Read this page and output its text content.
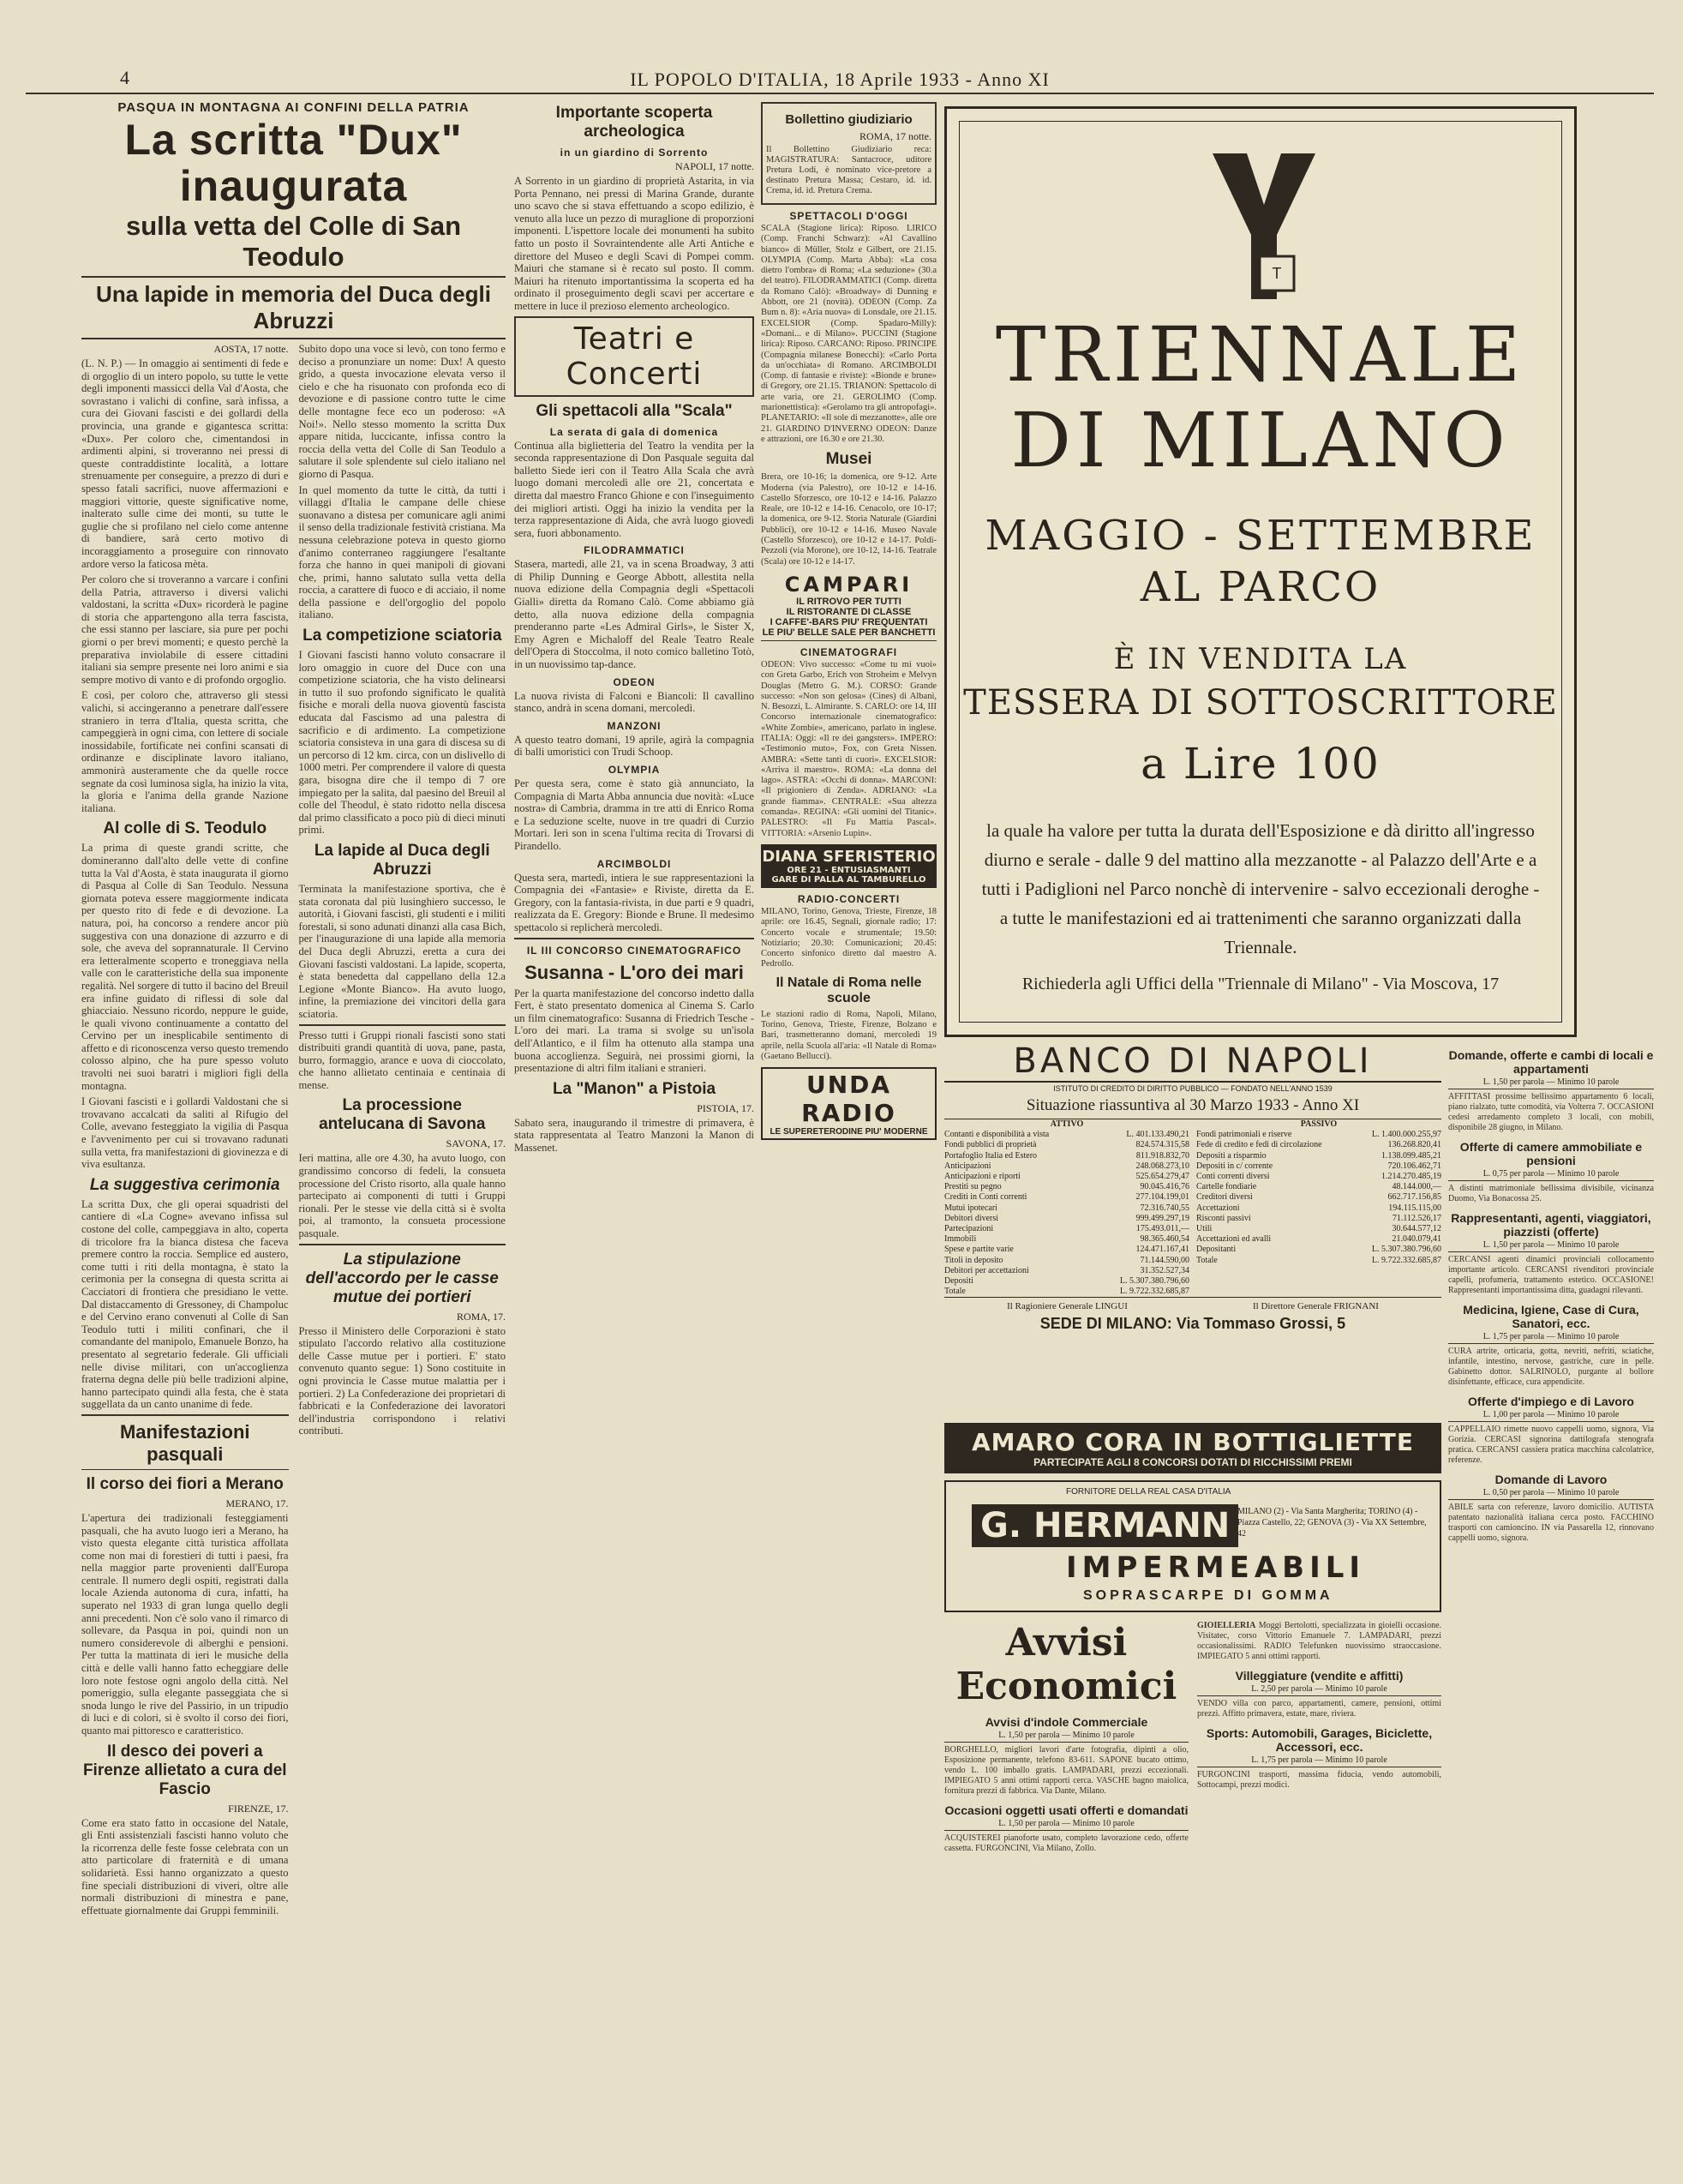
4	IL POPOLO D'ITALIA, 18 Aprile 1933 - Anno XI
PASQUA IN MONTAGNA AI CONFINI DELLA PATRIA
La scritta "Dux" inaugurata
sulla vetta del Colle di San Teodulo
Una lapide in memoria del Duca degli Abruzzi
AOSTA, 17 notte.

(L. N. P.) — In omaggio ai sentimenti di fede e di orgoglio di un intero popolo, su tutte le vette degli imponenti massicci della Val d'Aosta, che sovrastano i valichi di confine, sarà infissa, a cura dei Giovani fascisti e dei gollardi della provincia, una grande e gigantesca scritta: «Dux». Per coloro che, cimentandosi in ardimenti alpini, si troveranno nei pressi di queste contraddistinte località, a lottare strenuamente per conseguire, a prezzo di duri e spesso fatali sacrifici, nuove affermazioni e maggiori vittorie, queste significative nome, inalterato sulle cime dei monti, su tutte le guglie che si profilano nel cielo come antenne di bandiere, sarà certo motivo di incoraggiamento a proseguire con rinnovato ardore verso la faticosa mèta.

Per coloro che si troveranno a varcare i confini della Patria, attraverso i diversi valichi valdostani, la scritta «Dux» ricorderà le pagine di storia che appartengono alla terra fascista, che essi stanno per lasciare, sia pure per pochi giorni o per brevi momenti; e questo perchè la preparativa inviolabile di essere cittadini italiani sia sempre presente nei loro animi e sia sempre motivo di vanto e di profondo orgoglio.

E così, per coloro che, attraverso gli stessi valichi, si accingeranno a penetrare dall'essere straniero in terra d'Italia, questa scritta, che campeggierà in ogni cima, con lettere di sociale inossidabile, fortificate nei confini scansati di ordinanze e disciplinate lavoro italiano, ammonirà austeramente che da quelle rocce segnate da così luminosa sigla, ha inizio la vita, la gloria e l'anima della grande Nazione italiana.

Al colle di S. Teodulo

La prima di queste grandi scritte, che domineranno dall'alto delle vette di confine tutta la Val d'Aosta, è stata inaugurata il giorno di Pasqua al Colle di San Teodulo. Nessuna giornata poteva essere maggiormente indicata per questo rito di fede e di devozione. La natura, poi, ha concorso a rendere ancor più suggestiva con una donazione di azzurro e di sole, che aveva del soprannaturale. Il Cervino era letteralmente scoperto e troneggiava nella valle con le caratteristiche della sua imponente regalità. Nel sorgere di tutto il bacino del Breuil era infine guidato di riflessi di sole dal ghiacciaio. Nessuno ricordo, neppure le guide, le quali vivono continuamente a contatto del Cervino per un inesplicabile sentimento di affetto e di riconoscenza verso questo tremendo colosso alpino, che ha pure spesso voluto travolti nei suoi baratri i migliori figli della montagna.

I Giovani fascisti e i gollardi Valdostani che si trovavano accalcati da saliti al Rifugio del Colle, avevano festeggiato la vigilia di Pasqua e l'avvenimento per cui si trovavano radunati sulla vetta, fra manifestazioni di giovinezza e di viva esultanza.

La suggestiva cerimonia

La scritta Dux, che gli operai squadristi del cantiere di «La Cogne» avevano infissa sul costone del colle, campeggiava in alto, coperta di tricolore fra la bianca distesa che faceva premere contro la roccia. Semplice ed austero, come tutti i riti della montagna, è stato la cerimonia per la consegna di questa scritta ai Cacciatori di frontiera che presidiano le vette. Dal distaccamento di Gressoney, di Champoluc e del Cervino erano convenuti al Colle di San Teodulo tutti i militi confinari, che il comandante del manipolo, Emanuele Bonzo, ha presentato al segretario federale. Gli ufficiali nelle divise militari, con un'accoglienza fraterna degna delle più belle tradizioni alpine, hanno partecipato quindi alla festa, che è stata suggellata da un canto unanime di fede.

Manifestazioni pasquali
Il corso dei fiori a Merano
MERANO, 17.

L'apertura dei tradizionali festeggiamenti pasquali, che ha avuto luogo ieri a Merano, ha visto questa elegante città turistica affollata come non mai di forestieri di tutti i paesi, fra nella maggior parte provenienti dall'Europa centrale. Il numero degli ospiti, registrati dalla locale Azienda autonoma di cura, infatti, ha superato nel 1933 di gran lunga quello degli anni precedenti. Non c'è solo vano il rimarco di sollevare, da Pasqua in poi, quindi non un numero considerevole di alberghi e pensioni. Per tutta la mattinata di ieri le musiche della città e delle valli hanno fatto echeggiare delle loro note festose ogni angolo della città. Nel pomeriggio, sulla elegante passeggiata che si snoda lungo le rive del Passirio, in un tripudio di luci e di colori, si è svolto il corso dei fiori, quanto mai pittoresco e caratteristico.

Il desco dei poveri a Firenze allietato a cura del Fascio
FIRENZE, 17.

Come era stato fatto in occasione del Natale, gli Enti assistenziali fascisti hanno voluto che la ricorrenza delle feste fosse celebrata con un atto particolare di fraternità e di umana solidarietà. Essi hanno organizzato a questo fine speciali distribuzioni di viveri, oltre alle normali distribuzioni di minestra e pane, effettuate giornalmente dai Gruppi femminili.

Subito dopo una voce si levò, con tono fermo e deciso a pronunziare un nome: Dux! A questo grido, a questa invocazione elevata verso il cielo e che ha risuonato con profonda eco di devozione e di passione contro tutte le cime delle montagne fece eco un poderoso: «A Noi!». Nello stesso momento la scritta Dux appare nitida, luccicante, infissa contro la roccia della vetta del Colle di San Teodulo a salutare il sole splendente sul cielo italiano nel giorno di Pasqua.

In quel momento da tutte le città, da tutti i villaggi d'Italia le campane delle chiese suonavano a distesa per comunicare agli animi il senso della tradizionale festività cristiana. Ma nessuna celebrazione poteva in questo giorno d'animo conterraneo raggiungere l'esaltante forza che hanno in quei manipoli di giovani che, primi, hanno salutato sulla vetta della roccia, a carattere di fuoco e di acciaio, il nome della passione e dell'orgoglio del popolo italiano.

La competizione sciatoria

I Giovani fascisti hanno voluto consacrare il loro omaggio in cuore del Duce con una competizione sciatoria, che ha visto delinearsi in tutto il suo profondo significato le qualità fisiche e morali della nuova gioventù fascista educata dal Fascismo ad una palestra di sacrificio e di ardimento. La competizione sciatoria consisteva in una gara di discesa su di un percorso di 12 km. circa, con un dislivello di 1000 metri. Per comprendere il valore di questa gara, bisogna dire che il tempo di 7 ore impiegato per la salita, dal paesino del Breuil al colle del Theodul, è stato ridotto nella discesa dal primo classificato a poco più di dieci minuti primi.

La lapide al Duca degli Abruzzi

Terminata la manifestazione sportiva, che è stata coronata dal più lusinghiero successo, le autorità, i Giovani fascisti, gli studenti e i militi forestali, si sono adunati dinanzi alla casa Bich, per l'inaugurazione di una lapide alla memoria del Duca degli Abruzzi, eretta a cura dei Giovani fascisti valdostani. La lapide, scoperta, è stata benedetta dal cappellano della 12.a Legione «Monte Bianco». Ha avuto luogo, infine, la premiazione dei vincitori della gara sciatoria.

Presso tutti i Gruppi rionali fascisti sono stati distribuiti grandi quantità di uova, pane, pasta, burro, formaggio, arance e uova di cioccolato, che hanno allietato centinaia e centinaia di mense.

La processione antelucana di Savona
SAVONA, 17.

Ieri mattina, alle ore 4.30, ha avuto luogo, con grandissimo concorso di fedeli, la consueta processione del Cristo risorto, alla quale hanno partecipato ai componenti di tutti i Gruppi rionali. Per le stesse vie della città si è svolta poi, al tramonto, la consueta processione pasquale.

La stipulazione dell'accordo per le casse mutue dei portieri
ROMA, 17.

Presso il Ministero delle Corporazioni è stato stipulato l'accordo relativo alla costituzione delle Casse mutue per i portieri. E' stato convenuto quanto segue: 1) Sono costituite in ogni provincia le Casse mutue malattia per i portieri. 2) La Confederazione dei proprietari di fabbricati e la Confederazione dei lavoratori dell'industria corrispondono i relativi contributi.

Importante scoperta archeologica
in un giardino di Sorrento
NAPOLI, 17 notte.

A Sorrento in un giardino di proprietà Astarita, in via Porta Pennano, nei pressi di Marina Grande, durante uno scavo che si stava effettuando a scopo edilizio, è venuto alla luce un pezzo di muraglione di proporzioni imponenti. L'ispettore locale dei monumenti ha subito fatto un posto il Sovraintendente alle Arti Antiche e direttore del Museo e degli Scavi di Pompei comm. Maiuri che stamane si è recato sul posto. Il comm. Maiuri ha ritenuto importantissima la scoperta ed ha ordinato il proseguimento degli scavi per accertare e mettere in luce il prezioso elemento archeologico.

Teatri e Concerti
Gli spettacoli alla "Scala"
La serata di gala di domenica

Continua alla biglietteria del Teatro la vendita per la seconda rappresentazione di Don Pasquale seguita dal balletto Siede ieri con il Teatro Alla Scala che avrà luogo domani mercoledì alle ore 21, concertata e diretta dal maestro Franco Ghione e con l'inseguimento dei migliori artisti. Oggi ha inizio la vendita per la terza rappresentazione di Aida, che avrà luogo giovedì sera, fuori abbonamento.

FILODRAMMATICI

Stasera, martedì, alle 21, va in scena Broadway, 3 atti di Philip Dunning e George Abbott, allestita nella nuova edizione della Compagnia degli «Spettacoli Gialli» diretta da Romano Calò. Come abbiamo già detto, alla nuova edizione della compagnia prenderanno parte «Les Admiral Girls», le Sister X, Emy Agren e Michaloff del Reale Teatro Reale dell'Opera di Stoccolma, il noto comico balletino Totò, in un nuovissimo tap-dance.

ODEON

La nuova rivista di Falconi e Biancoli: Il cavallino stanco, andrà in scena domani, mercoledì.

MANZONI

A questo teatro domani, 19 aprile, agirà la compagnia di balli umoristici con Trudi Schoop.

OLYMPIA

Per questa sera, come è stato già annunciato, la Compagnia di Marta Abba annuncia due novità: «Luce nostra» di Cambria, dramma in tre atti di Enrico Roma e La seduzione scelte, nuove in tre quadri di Curzio Mortari. Ieri son in scena l'ultima recita di Trovarsi di Pirandello.

ARCIMBOLDI

Questa sera, martedì, intiera le sue rappresentazioni la Compagnia dei «Fantasie» e Riviste, diretta da E. Gregory, con la fantasia-rivista, in due parti e 9 quadri, realizzata da E. Gregory: Bionde e Brune. Il medesimo spettacolo si replicherà mercoledì.

IL III CONCORSO CINEMATOGRAFICO
Susanna - L'oro dei mari

Per la quarta manifestazione del concorso indetto dalla Fert, è stato presentato domenica al Cinema S. Carlo un film cinematografico: Susanna di Friedrich Tesche - L'oro dei mari. La trama si svolge su un'isola dell'Atlantico, e il film ha ottenuto alla stampa una buona accoglienza. Seguirà, nei prossimi giorni, la presentazione di altri film italiani e stranieri.

La "Manon" a Pistoia
PISTOIA, 17.

Sabato sera, inaugurando il trimestre di primavera, è stata rappresentata al Teatro Manzoni la Manon di Massenet.

Bollettino giudiziario
ROMA, 17 notte.

Il Bollettino Giudiziario reca: MAGISTRATURA: Santacroce, uditore Pretura Lodi, è nominato vice-pretore a destinato Pretura Massa; Cestaro, id. id. Crema, id. id. Pretura Crema.

SPETTACOLI D'OGGI

SCALA (Stagione lirica): Riposo. LIRICO (Comp. Franchi Schwarz): «Al Cavallino bianco» di Müller, Stolz e Gilbert, ore 21.15. OLYMPIA (Comp. Marta Abba): «La cosa dietro l'ombra» di Roma; «La seduzione» (30.a del teatro). FILODRAMMATICI (Comp. diretta da Romano Calò): «Broadway» di Dunning e Abbott, ore 21 (novità). ODEON (Comp. Za Bum n. 8): «Aria nuova» di Lonsdale, ore 21.15. EXCELSIOR (Comp. Spadaro-Milly): «Domani... e di Milano». PUCCINI (Stagione lirica): Riposo. CARCANO: Riposo. PRINCIPE (Compagnia milanese Bonecchi): «Carlo Porta da un'occhiata» di Romano. ARCIMBOLDI (Comp. di fantasie e riviste): «Bionde e brune» di Gregory, ore 21.15. TRIANON: Spettacolo di arte varia, ore 21. GEROLIMO (Comp. marionettistica): «Gerolamo tra gli antropofagi». PLANETARIO: «Il sole di mezzanotte», alle ore 21. GIARDINO D'INVERNO ODEON: Danze e attrazioni, ore 16.30 e ore 21.30.

Musei

Brera, ore 10-16; la domenica, ore 9-12. Arte Moderna (via Palestro), ore 10-12 e 14-16. Castello Sforzesco, ore 10-12 e 14-16. Palazzo Reale, ore 10-12 e 14-16. Cenacolo, ore 10-17; la domenica, ore 9-12. Storia Naturale (Giardini Pubblici), ore 10-12 e 14-16. Museo Navale (Castello Sforzesco), ore 10-12 e 14-17. Poldi-Pezzoli (via Morone), ore 10-12, 14-16. Teatrale (Scala) ore 10-12 e 14-17.

CAMPARI
IL RITROVO PER TUTTI
IL RISTORANTE DI CLASSE
I CAFFE'-BARS PIU' FREQUENTATI
LE PIU' BELLE SALE PER BANCHETTI
CINEMATOGRAFI

ODEON: Vivo successo: «Come tu mi vuoi» con Greta Garbo, Erich von Stroheim e Melvyn Douglas (Metro G. M.). CORSO: Grande successo: «Non son gelosa» (Cines) di Albani, N. Besozzi, L. Almirante. S. CARLO: ore 14, III Concorso internazionale cinematografico: «White Zombie», americano, parlato in inglese. ITALIA: Oggi: «Il re dei gangsters». IMPERO: «Testimonio muto», Fox, con Greta Nissen. AMBRA: «Sette tanti di cuori». EXCELSIOR: «Arriva il maestro». ROMA: «La donna del lago». ASTRA: «Occhi di donna». MARCONI: «Il prigioniero di Zenda». ADRIANO: «La grande fiamma». CENTRALE: «Sua altezza comanda». REGINA: «Gli uomini del Titanic». PALESTRO: «Il Fu Mattia Pascal». VITTORIA: «Arsenio Lupin».

DIANA SFERISTERIO
ORE 21 - ENTUSIASMANTI
GARE DI PALLA AL TAMBURELLO
RADIO-CONCERTI

MILANO, Torino, Genova, Trieste, Firenze, 18 aprile: ore 16.45, Segnali, giornale radio; 17: Concerto vocale e strumentale; 19.50: Notiziario; 20.30: Comunicazioni; 20.45: Concerto sinfonico diretto dal maestro A. Pedrollo.

Il Natale di Roma nelle scuole

Le stazioni radio di Roma, Napoli, Milano, Torino, Genova, Trieste, Firenze, Bolzano e Bari, trasmetteranno domani, mercoledì 19 aprile, nella Scuola all'aria: «Il Natale di Roma» (Gaetano Bellucci).

UNDA RADIO
LE SUPERETERODINE PIU' MODERNE
T
TRIENNALE
DI MILANO
MAGGIO - SETTEMBRE
AL PARCO
È IN VENDITA LA
TESSERA DI SOTTOSCRITTORE
a Lire 100
la quale ha valore per tutta la durata dell'Esposizione e dà diritto all'ingresso diurno e serale - dalle 9 del mattino alla mezzanotte - al Palazzo dell'Arte e a tutti i Padiglioni nel Parco nonchè di intervenire - salvo eccezionali deroghe - a tutte le manifestazioni ed ai trattenimenti che saranno organizzati dalla Triennale.
Richiederla agli Uffici della "Triennale di Milano" - Via Moscova, 17
BANCO DI NAPOLI
ISTITUTO DI CREDITO DI DIRITTO PUBBLICO — FONDATO NELL'ANNO 1539
Situazione riassuntiva al 30 Marzo 1933 - Anno XI
ATTIVO
Contanti e disponibilità a vista	L. 401.133.490,21
Fondi pubblici di proprietà	824.574.315,58
Portafoglio Italia ed Estero	811.918.832,70
Anticipazioni	248.068.273,10
Anticipazioni e riporti	525.654.279,47
Prestiti su pegno	90.045.416,76
Crediti in Conti correnti	277.104.199,01
Mutui ipotecari	72.316.740,55
Debitori diversi	999.499.297,19
Partecipazioni	175.493.011,—
Immobili	98.365.460,54
Spese e partite varie	124.471.167,41
Titoli in deposito	71.144.590,00
Debitori per accettazioni	31.352.527,34
Depositi	L. 5.307.380.796,60
Totale	L. 9.722.332.685,87
PASSIVO
Fondi patrimoniali e riserve	L. 1.400.000.255,97
Fede di credito e fedi di circolazione	136.268.820,41
Depositi a risparmio	1.138.099.485,21
Depositi in c/ corrente	720.106.462,71
Conti correnti diversi	1.214.270.485,19
Cartelle fondiarie	48.144.000,—
Creditori diversi	662.717.156,85
Accettazioni	194.115.115,00
Risconti passivi	71.112.526,17
Utili	30.644.577,12
Accettazioni ed avalli	21.040.079,41
Depositanti	L. 5.307.380.796,60
Totale	L. 9.722.332.685,87
Il Ragioniere Generale LINGUI	Il Direttore Generale FRIGNANI
SEDE DI MILANO: Via Tommaso Grossi, 5
Domande, offerte e cambi di locali e appartamenti
L. 1,50 per parola — Minimo 10 parole

AFFITTASI prossime bellissimo appartamento 6 locali, piano rialzato, tutte comodità, via Volterra 7. OCCASIONI cedesi arredamento completo 3 locali, con mobili, disponibile 28 giugno, in Milano.

Offerte di camere ammobiliate e pensioni
L. 0,75 per parola — Minimo 10 parole

A distinti matrimoniale bellissima divisibile, vicinanza Duomo, Via Bonacossa 25.

Rappresentanti, agenti, viaggiatori, piazzisti (offerte)
L. 1,50 per parola — Minimo 10 parole

CERCANSI agenti dinamici provinciali collocamento importante articolo. CERCANSI rivenditori provinciale capelli, profumeria, trattamento estetico. OCCASIONE! Rappresentanti importantissima ditta, guadagni rilevanti.

Medicina, Igiene, Case di Cura, Sanatori, ecc.
L. 1,75 per parola — Minimo 10 parole

CURA artrite, orticaria, gotta, nevriti, nefriti, sciatiche, infantile, intestino, nervose, gastriche, cure in pelle. Gabinetto dottor. SALRINOLO, purgante al bollore disinfettante, efficace, cura appendicite.

Offerte d'impiego e di Lavoro
L. 1,00 per parola — Minimo 10 parole

CAPPELLAIO rimette nuovo cappelli uomo, signora, Via Gorizia. CERCASI signorina dattilografa stenografa pratica. CERCANSI cassiera pratica macchina calcolatrice, referenze.

Domande di Lavoro
L. 0,50 per parola — Minimo 10 parole

ABILE sarta con referenze, lavoro domicilio. AUTISTA patentato nazionalità italiana cerca posto. FACCHINO trasporti con camioncino. IN via Passarella 12, rinnovano cappelli uomo, signora.

AMARO CORA IN BOTTIGLIETTE
PARTECIPATE AGLI 8 CONCORSI DOTATI DI RICCHISSIMI PREMI
FORNITORE DELLA REAL CASA D'ITALIA
G. HERMANN MILANO (2) - Via Santa Margherita; TORINO (4) - Piazza Castello, 22; GENOVA (3) - Via XX Settembre, 42
IMPERMEABILI
SOPRASCARPE DI GOMMA
Avvisi Economici
Avvisi d'indole Commerciale
L. 1,50 per parola — Minimo 10 parole

BORGHELLO, migliori lavori d'arte fotografia, dipinti a olio, Esposizione permanente, telefono 83-611. SAPONE bucato ottimo, vendo L. 100 imballo gratis. LAMPADARI, prezzi eccezionali. IMPIEGATO 5 anni ottimi rapporti cerca. VASCHE bagno maiolica, fornitura prezzi di fabbrica. Via Dante, Milano.

Occasioni oggetti usati offerti e domandati
L. 1,50 per parola — Minimo 10 parole

ACQUISTEREI pianoforte usato, completo lavorazione cedo, offerte cassetta. FURGONCINI, Via Milano, Zollo.

GIOIELLERIA Moggi Bertolotti, specializzata in gioielli occasione. Visitatec, corso Vittorio Emanuele 7. LAMPADARI, prezzi occasionalissimi. RADIO Telefunken nuovissimo straoccasione. IMPIEGATO 5 anni ottimi rapporti.

Villeggiature (vendite e affitti)
L. 2,50 per parola — Minimo 10 parole

VENDO villa con parco, appartamenti, camere, pensioni, ottimi prezzi. Affitto primavera, estate, mare, riviera.

Sports: Automobili, Garages, Biciclette, Accessori, ecc.
L. 1,75 per parola — Minimo 10 parole

FURGONCINI trasporti, massima fiducia, vendo automobili, Sottocampi, prezzi modici.
